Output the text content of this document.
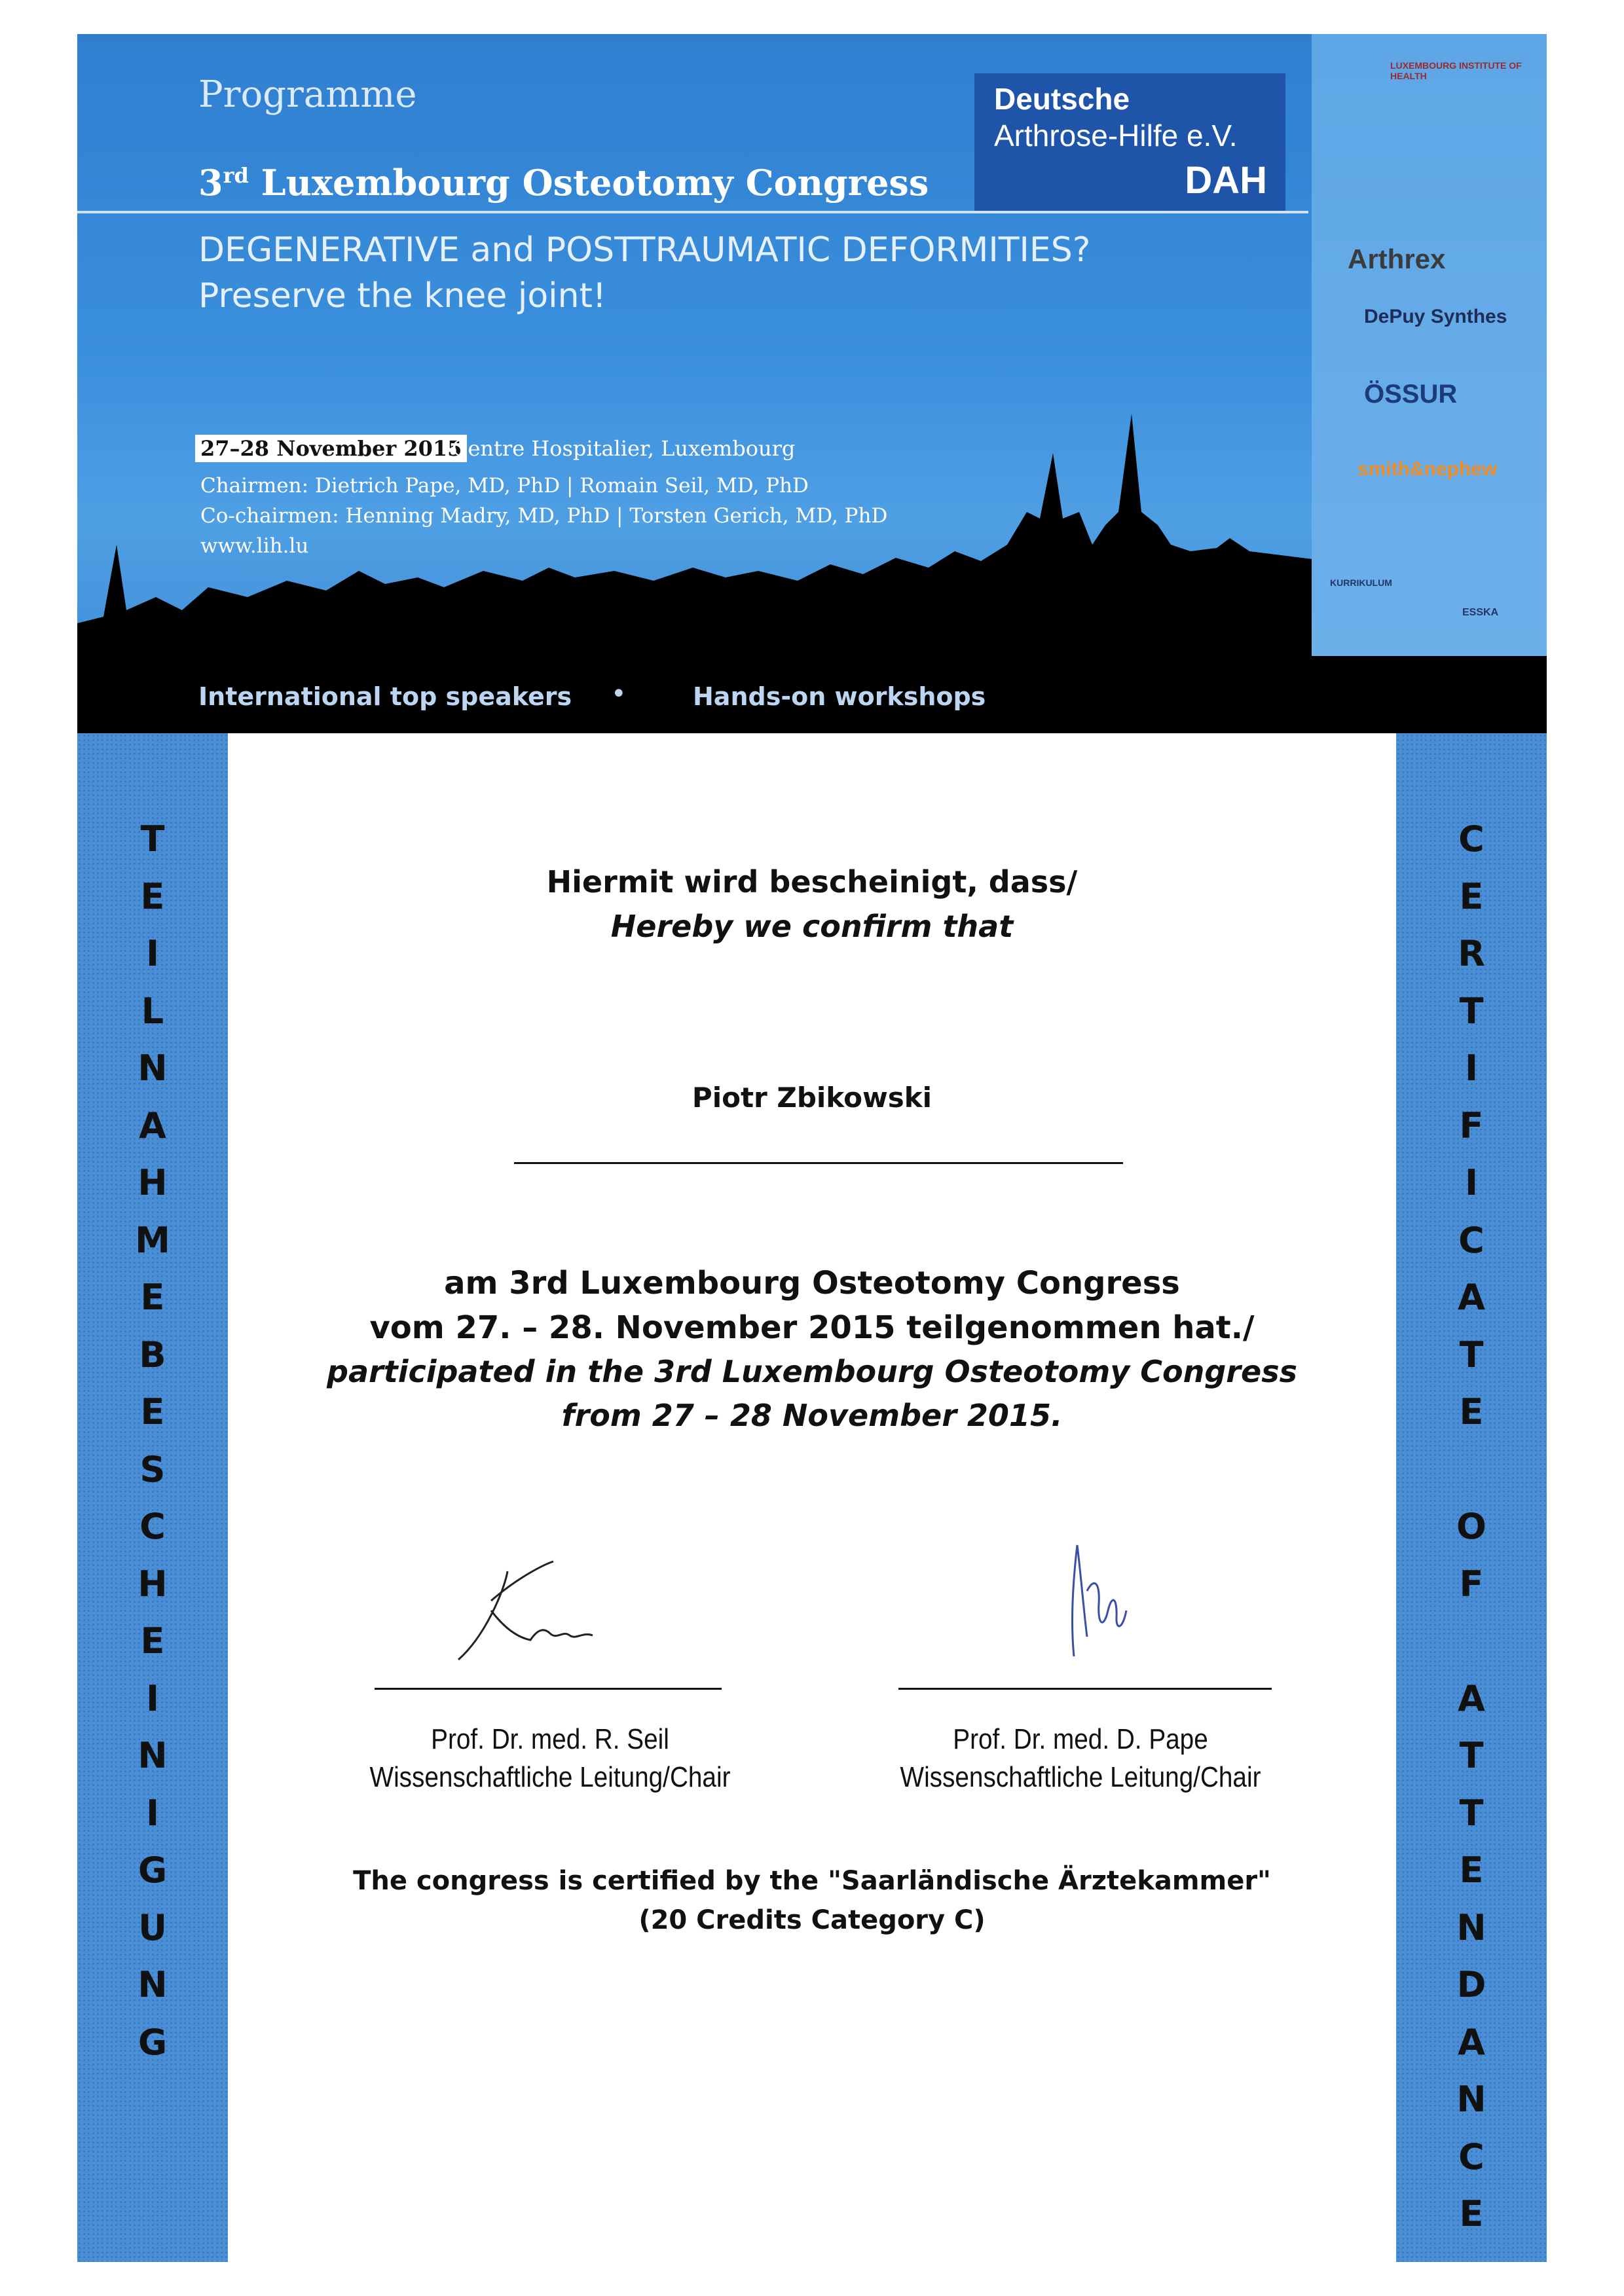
T
E
I
L
N
A
H
M
E
B
E
S
C
H
E
I
N
I
G
U
N
G
C
E
R
T
I
F
I
C
A
T
E
O
F
A
T
T
E
N
D
A
N
C
E
Programme
3rd Luxembourg Osteotomy Congress
Deutsche
Arthrose-Hilfe e.V.
DAH
DEGENERATIVE and POSTTRAUMATIC DEFORMITIES?
Preserve the knee joint!
27–28 November 2015
Centre Hospitalier, Luxembourg
Chairmen: Dietrich Pape, MD, PhD | Romain Seil, MD, PhD
Co-chairmen: Henning Madry, MD, PhD | Torsten Gerich, MD, PhD
www.lih.lu
International top speakers •	Hands-on workshops
LUXEMBOURG INSTITUTE OF HEALTH
Arthrex
DePuy Synthes
ÖSSUR
smith&nephew
KURRIKULUM
ESSKA
Hiermit wird bescheinigt, dass/
Hereby we confirm that
Piotr Zbikowski
am 3rd Luxembourg Osteotomy Congress
vom 27. – 28. November 2015 teilgenommen hat./
participated in the 3rd Luxembourg Osteotomy Congress
from 27 – 28 November 2015.
Prof. Dr. med. R. Seil
Wissenschaftliche Leitung/Chair
Prof. Dr. med. D. Pape
Wissenschaftliche Leitung/Chair
The congress is certified by the "Saarländische Ärztekammer"
(20 Credits Category C)
